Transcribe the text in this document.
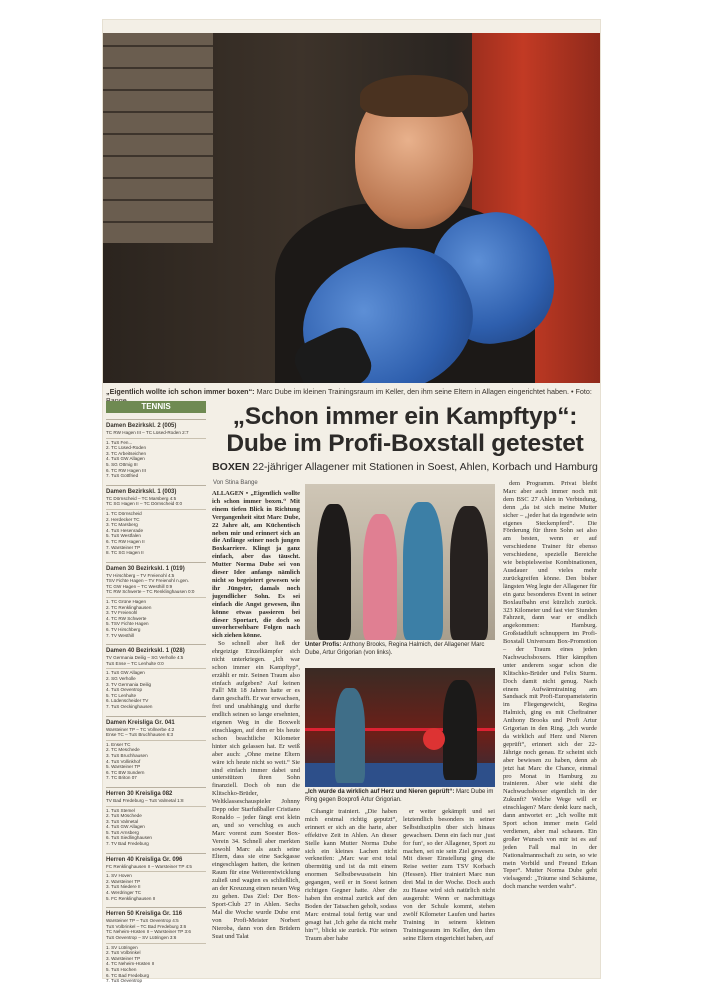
„Eigentlich wollte ich schon immer boxen“: Marc Dube im kleinen Trainingsraum im Keller, den ihm seine Eltern in Allagen eingerichtet haben. • Foto:
TENNIS
Damen Bezirkskl. 2 (005)
TC RW Hagen III – TC Lüsed-Roden 2:7
1. TuS Fen...
2. TC Lüsed-Roden
3. TC Arbeitseichen
4. TuS GW Allagen
5. SG Ottmig III
6. TC RW Hagen III
7. TuS Gottfried
Damen Bezirkskl. 1 (003)
TC Dörnscheid – TC Marsberg 4:5
TC SG Hagen II – TC Dörnscheid 0:0
1. TC Dörnscheid
2. Herdecker TC
3. TC Marsberg
4. TuS Hesenrade
5. TuS Westfalen
6. TC RW Hagen II
7. Warsteiner TP
8. TC SG Hagen II
Damen 30 Bezirkskl. 1 (019)
TV Hirschberg – TV Freienohl 4:5
TSV Fichte Hagen – TV Freienohl n.gen.
TC GW Hagen – TC Westhill 0:9
TC RW Schwerte – TC Renklinghausen 0:0
1. TC Grüne Hagen
2. TC Renklinghausen
3. TV Freienohl
4. TC RW Schwerte
5. TSV Fichte Hagen
6. TV Hirschberg
7. TV Westhill
Damen 40 Bezirkskl. 1 (028)
TV Germania Deilig – SG Verholle 4:5
TuS Ense – TC Lenhulte 0:0
1. TuS GW Allagen
2. SG Verholle
3. TV Germania Deilig
4. TuS Oeventrop
5. TC Lenhulte
6. Lüdenscheider TV
7. TuS Oeckinghausen
Damen Kreisliga Gr. 041
Warsteiner TP – TC Vollnerbe 4:2
Ense TC – TuS Bruchhausen 6:3
1. Enser TC
2. TC Meschede
3. TuS Bruchhausen
4. TuS Vollinkhof
5. Warsteiner TP
6. TC BW Sundern
7. TC Briton 07
Herren 30 Kreisliga 082
TV Bad Fredeburg – TuS Valmetal 1:8
1. TuS Stemel
2. TuS Möschede
3. TuS Valmetal
4. TuS GW Allagen
5. TuS Arnsberg
6. TuS Siedlinghausen
7. TV Bad Fredeburg
Herren 40 Kreisliga Gr. 096
FC Renklinghausen II – Warsteiner TP 4:5
1. SV Hoven
2. Warsteiner TP
3. TuS Niedere II
4. Werdringer TC
5. FC Renklinghausen II
Herren 50 Kreisliga Gr. 116
Warsteiner TP – TuS Oeventrop 4:5
TuS Volbrinkel – TC Bad Fredeburg 3:6
TC Neheim-Hüsten II – Warsteiner TP 3:6
TuS Oeventrop – SV Lütringen 3:6
1. SV Lütringen
2. TuS Volbrinkel
3. Warsteiner TP
4. TC Neheim-Hüsten II
5. TuS Hochen
6. TC Bad Fredeburg
7. TuS Oeventrop
„Schon immer ein Kampftyp“:
Dube im Profi-Boxstall getestet
BOXEN 22-jähriger Allagener mit Stationen in Soest, Ahlen, Korbach und Hamburg
Von Stina Bange
ALLAGEN • „Eigentlich wollte ich schon immer boxen.“ Mit einem tiefen Blick in Richtung Vergangenheit sitzt Marc Dube, 22 Jahre alt, am Küchentisch neben mir und erinnert sich an die Anfänge seiner noch jungen Boxkarriere. Klingt ja ganz einfach, aber das täuscht. Mutter Norma Dube sei von dieser Idee anfangs nämlich nicht so begeistert gewesen wie ihr Jüngster, damals noch jugendlicher Sohn. Es sei einfach die Angst gewesen, ihn könne etwas passieren bei dieser Sportart, die doch so unvorhersehbare Folgen nach sich ziehen könne.

So schnell aber ließ der ehrgeizige Einzelkämpfer sich nicht unterkriegen. „Ich war schon immer ein Kampftyp“, erzählt er mir. Seinen Traum also einfach aufgeben? Auf keinen Fall! Mit 18 Jahren hatte er es dann geschafft. Er war erwachsen, frei und unabhängig und durfte endlich seinen so lange ersehnten, eigenen Weg in die Boxwelt einschlagen, auf dem er bis heute schon beachtliche Kilometer hinter sich gelassen hat. Er weiß aber auch: „Ohne meine Eltern wäre ich heute nicht so weit.“ Sie sind einfach immer dabei und unterstützen ihren Sohn finanziell. Doch ob nun die Klitschko-Brüder, Weltklasseschauspieler Johnny Depp oder Starfußballer Cristiano Ronaldo – jeder fängt erst klein an, und so verschlug es auch Marc vorerst zum Soester Box-Verein 34. Schnell aber merkten sowohl Marc als auch seine Eltern, dass sie eine Sackgasse eingeschlagen hatten, die keinen Raum für eine Weiterentwicklung zuließ und wagten es schließlich, an der Kreuzung einen neuen Weg zu gehen. Das Ziel: Der Box-Sport-Club 27 in Ahlen. Sechs Mal die Woche wurde Dube erst von Profi-Meister Norbert Nieroba, dann von den Brüdern Suat und Talat

Unter Profis: Anthony Brooks, Regina Halmich, der Allagener Marc Dube, Artur Grigorian (von links).
„Ich wurde da wirklich auf Herz und Nieren geprüft“: Marc Dube im Ring gegen Boxprofi Artur Grigorian.

Cihangir trainiert. „Die haben mich erstmal richtig geputzt“, erinnert er sich an die harte, aber effektive Zeit in Ahlen. An dieser Stelle kann Mutter Norma Dube sich ein kleines Lachen nicht verkneifen: „Marc war erst total übermütig und ist da mit einem enormen Selbstbewusstsein hin gegangen, weil er in Soest keinen richtigen Gegner hatte. Aber die haben ihn erstmal zurück auf den Boden der Tatsachen geholt, sodass Marc erstmal total fertig war und gesagt hat ‚Ich gehe da nicht mehr hin‘“, blickt sie zurück. Für seinen Traum aber habe

er weiter gekämpft und sei letztendlich besonders in seiner Selbstdisziplin über sich hinaus gewachsen. Denn ein fach nur ‚just for fun‘, so der Allagener, Sport zu machen, sei nie sein Ziel gewesen. Mit dieser Einstellung ging die Reise weiter zum TSV Korbach (Hessen). Hier trainiert Marc nun drei Mal in der Woche. Doch auch zu Hause wird sich natürlich nicht ausgeruht: Wenn er nachmittags von der Schule kommt, stehen zwölf Kilometer Laufen und hartes Training in seinem kleinen Trainingsraum im Keller, den ihm seine Eltern eingerichtet haben, auf

dem Programm. Privat bleibt Marc aber auch immer noch mit dem BSC 27 Ahlen in Verbindung, denn „da ist sich meine Mutter sicher – „jeder hat da irgendwie sein eigenes Steckenpferd“. Die Förderung für ihren Sohn sei also am besten, wenn er auf verschiedene Trainer für ebenso verschiedene, spezielle Bereiche wie beispielsweise Kombinationen, Ausdauer und vieles mehr zurückgreifen könne. Den bisher längsten Weg legte der Allagener für ein ganz besonderes Event in seiner Boxlaufbahn erst kürzlich zurück. 323 Kilometer und fast vier Stunden Fahrzeit, dann war er endlich angekommen: Hamburg. Großstadtluft schnuppern im Profi-Boxstall Universum Box-Promotion – der Traum eines jeden Nachwuchsboxers. Hier kämpften unter anderem sogar schon die Klitschko-Brüder und Felix Sturm. Doch damit nicht genug. Nach einem Aufwärmtraining am Sandsack mit Profi-Europameisterin im Fliegengewicht, Regina Halmich, ging es mit Cheftrainer Anthony Brooks und Profi Artur Grigorian in den Ring. „Ich wurde da wirklich auf Herz und Nieren geprüft“, erinnert sich der 22-Jährige noch genau. Er scheint sich aber bewiesen zu haben, denn ab jetzt hat Marc die Chance, einmal pro Monat in Hamburg zu trainieren. Aber wie sieht die Nachwuchsboxer eigentlich in der Zukunft? Welche Wege will er einschlagen? Marc denkt kurz nach, dann antwortet er: „Ich wollte mit Sport schon immer mein Geld verdienen, aber mal schauen. Ein großer Wunsch von mir ist es auf jeden Fall mal in der Nationalmannschaft zu sein, so wie mein Vorbild und Freund Erkan Teper“. Mutter Norma Dube geht vielsagend: „Träume sind Schäume, doch manche werden wahr“.
